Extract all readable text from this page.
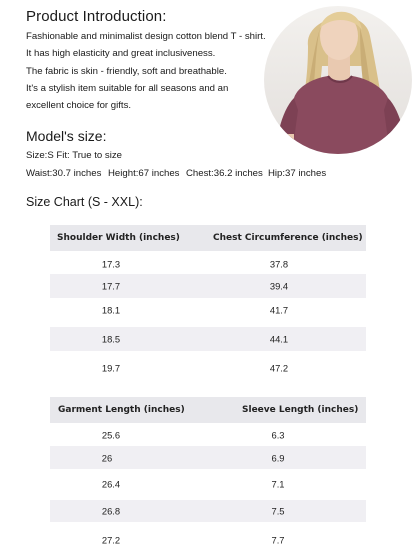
Product Introduction:
Fashionable and minimalist design cotton blend T - shirt.
It has high elasticity and great inclusiveness.
The fabric is skin - friendly, soft and breathable.
It's a stylish item suitable for all seasons and an
excellent choice for gifts.
Model's size:
Size:S Fit: True to size
Waist:30.7 inches Height:67 inches Chest:36.2 inches Hip:37 inches
Size Chart (S - XXL):
Shoulder Width (inches)	Chest Circumference (inches)
17.3	37.8
17.7	39.4
18.1	41.7
18.5	44.1
19.7	47.2
Garment Length (inches)	Sleeve Length (inches)
25.6	6.3
26	6.9
26.4	7.1
26.8	7.5
27.2	7.7
